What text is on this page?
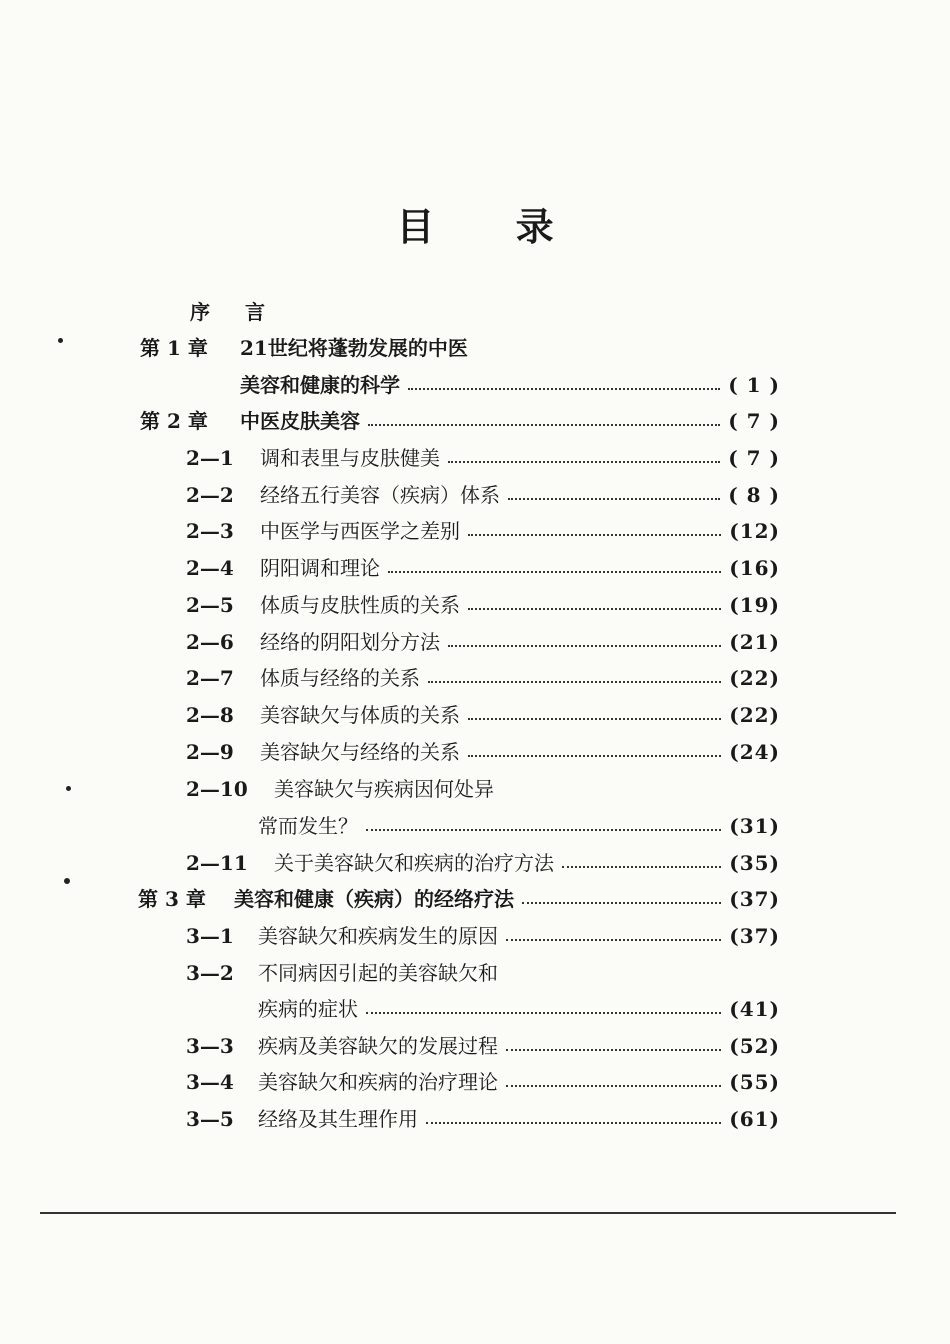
目 录
序 言
第 1 章	21世纪将蓬勃发展的中医
美容和健康的科学	( 1 )
第 2 章	中医皮肤美容	( 7 )
2—1	调和表里与皮肤健美	( 7 )
2—2	经络五行美容（疾病）体系	( 8 )
2—3	中医学与西医学之差别	(12)
2—4	阴阳调和理论	(16)
2—5	体质与皮肤性质的关系	(19)
2—6	经络的阴阳划分方法	(21)
2—7	体质与经络的关系	(22)
2—8	美容缺欠与体质的关系	(22)
2—9	美容缺欠与经络的关系	(24)
2—10	美容缺欠与疾病因何处异
常而发生？	(31)
2—11	关于美容缺欠和疾病的治疗方法	(35)
第 3 章	美容和健康（疾病）的经络疗法	(37)
3—1	美容缺欠和疾病发生的原因	(37)
3—2	不同病因引起的美容缺欠和
疾病的症状	(41)
3—3	疾病及美容缺欠的发展过程	(52)
3—4	美容缺欠和疾病的治疗理论	(55)
3—5	经络及其生理作用	(61)
